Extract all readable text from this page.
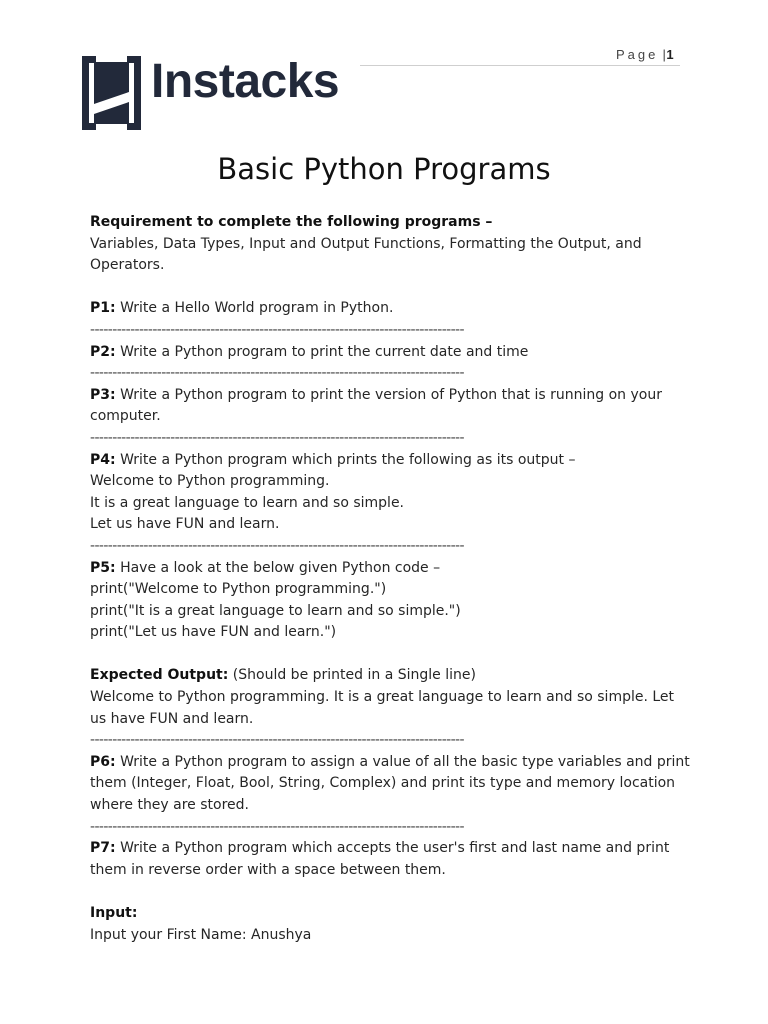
Page |1
Instacks
Basic Python Programs

Requirement to complete the following programs –
Variables, Data Types, Input and Output Functions, Formatting the Output, and Operators.

P1: Write a Hello World program in Python.

------------------------------------------------------------------------------------

P2: Write a Python program to print the current date and time

------------------------------------------------------------------------------------

P3: Write a Python program to print the version of Python that is running on your computer.

------------------------------------------------------------------------------------

P4: Write a Python program which prints the following as its output –
Welcome to Python programming.
It is a great language to learn and so simple.
Let us have FUN and learn.

------------------------------------------------------------------------------------

P5: Have a look at the below given Python code –
print("Welcome to Python programming.")
print("It is a great language to learn and so simple.")
print("Let us have FUN and learn.")

Expected Output: (Should be printed in a Single line)
Welcome to Python programming. It is a great language to learn and so simple. Let us have FUN and learn.

------------------------------------------------------------------------------------

P6: Write a Python program to assign a value of all the basic type variables and print them (Integer, Float, Bool, String, Complex) and print its type and memory location where they are stored.

------------------------------------------------------------------------------------

P7: Write a Python program which accepts the user's first and last name and print them in reverse order with a space between them.

Input:
Input your First Name: Anushya
